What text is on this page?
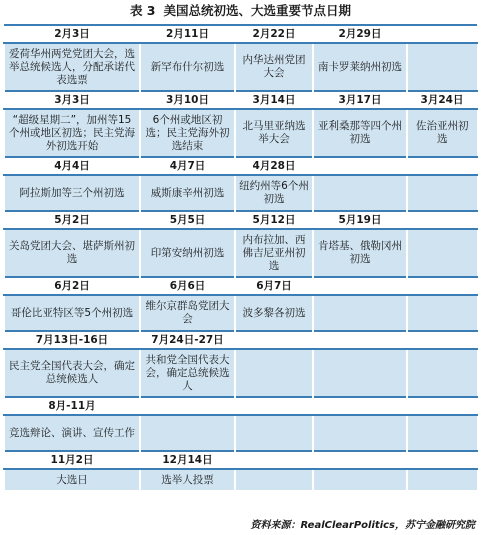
表 3 美国总统初选、大选重要节点日期
2月3日	2月11日	2月22日	2月29日	
爱荷华州两党党团大会，选举总统候选人，分配承诺代表选票	新罕布什尔初选	内华达州党团大会	南卡罗莱纳州初选	
3月3日	3月10日	3月14日	3月17日	3月24日
“超级星期二”，加州等15个州或地区初选；民主党海外初选开始	6个州或地区初选；民主党海外初选结束	北马里亚纳选举大会	亚利桑那等四个州初选	佐治亚州初选
4月4日	4月7日	4月28日		
阿拉斯加等三个州初选	威斯康辛州初选	纽约州等6个州初选		
5月2日	5月5日	5月12日	5月19日	
关岛党团大会、堪萨斯州初选	印第安纳州初选	内布拉加、西佛吉尼亚州初选	肯塔基、俄勒冈州初选	
6月2日	6月6日	6月7日		
哥伦比亚特区等5个州初选	维尔京群岛党团大会	波多黎各初选		
7月13日-16日	7月24日-27日			
民主党全国代表大会，确定总统候选人	共和党全国代表大会，确定总统候选人			
8月-11月				
竞选辩论、演讲、宣传工作				
11月2日	12月14日			
大选日	选举人投票			
资料来源：RealClearPolitics，苏宁金融研究院
